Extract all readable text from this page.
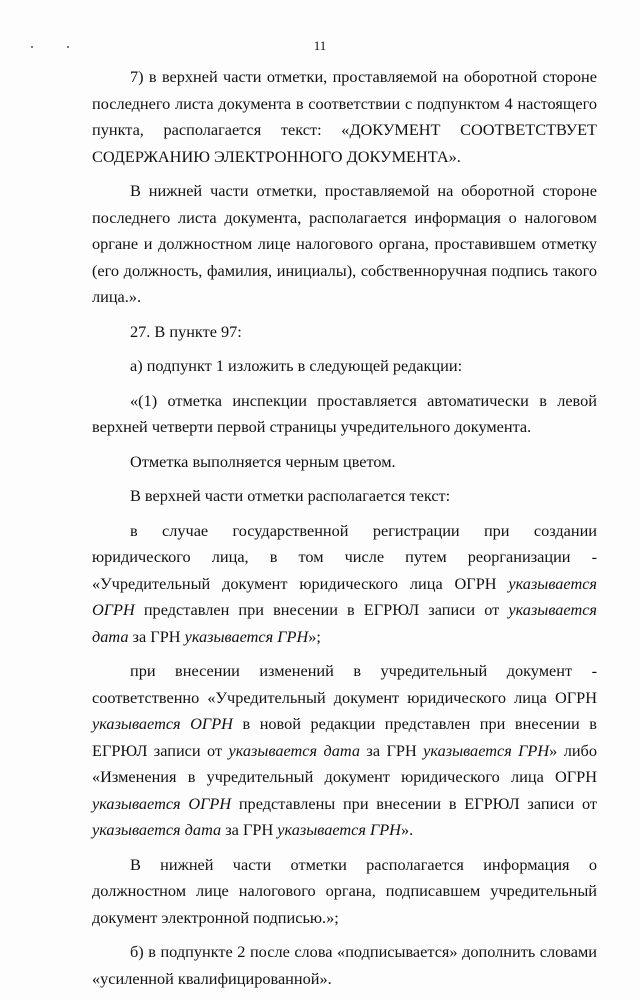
11

7) в верхней части отметки, проставляемой на оборотной стороне последнего листа документа в соответствии с подпунктом 4 настоящего пункта, располагается текст: «ДОКУМЕНТ СООТВЕТСТВУЕТ СОДЕРЖАНИЮ ЭЛЕКТРОННОГО ДОКУМЕНТА».

В нижней части отметки, проставляемой на оборотной стороне последнего листа документа, располагается информация о налоговом органе и должностном лице налогового органа, проставившем отметку (его должность, фамилия, инициалы), собственноручная подпись такого лица.».

27. В пункте 97:

а) подпункт 1 изложить в следующей редакции:

«(1) отметка инспекции проставляется автоматически в левой верхней четверти первой страницы учредительного документа.

Отметка выполняется черным цветом.

В верхней части отметки располагается текст:

в случае государственной регистрации при создании юридического лица, в том числе путем реорганизации - «Учредительный документ юридического лица ОГРН указывается ОГРН представлен при внесении в ЕГРЮЛ записи от указывается дата за ГРН указывается ГРН»;

при внесении изменений в учредительный документ - соответственно «Учредительный документ юридического лица ОГРН указывается ОГРН в новой редакции представлен при внесении в ЕГРЮЛ записи от указывается дата за ГРН указывается ГРН» либо «Изменения в учредительный документ юридического лица ОГРН указывается ОГРН представлены при внесении в ЕГРЮЛ записи от указывается дата за ГРН указывается ГРН».

В нижней части отметки располагается информация о должностном лице налогового органа, подписавшем учредительный документ электронной подписью.»;

б) в подпункте 2 после слова «подписывается» дополнить словами «усиленной квалифицированной».
